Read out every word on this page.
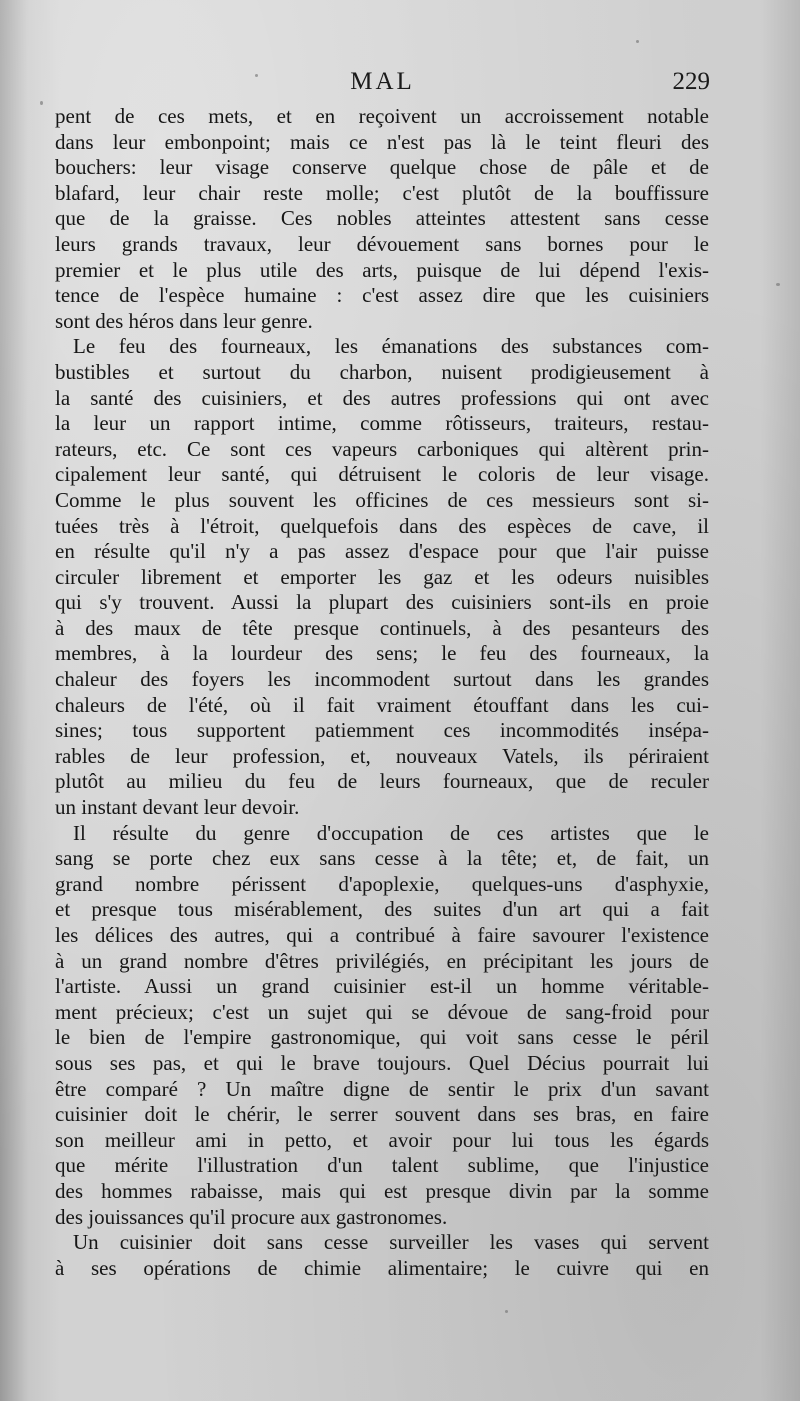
MAL	229
pent de ces mets, et en reçoivent un accroissement notable
dans leur embonpoint; mais ce n'est pas là le teint fleuri des
bouchers: leur visage conserve quelque chose de pâle et de
blafard, leur chair reste molle; c'est plutôt de la bouffissure
que de la graisse. Ces nobles atteintes attestent sans cesse
leurs grands travaux, leur dévouement sans bornes pour le
premier et le plus utile des arts, puisque de lui dépend l'exis-
tence de l'espèce humaine : c'est assez dire que les cuisiniers
sont des héros dans leur genre.
Le feu des fourneaux, les émanations des substances com-
bustibles et surtout du charbon, nuisent prodigieusement à
la santé des cuisiniers, et des autres professions qui ont avec
la leur un rapport intime, comme rôtisseurs, traiteurs, restau-
rateurs, etc. Ce sont ces vapeurs carboniques qui altèrent prin-
cipalement leur santé, qui détruisent le coloris de leur visage.
Comme le plus souvent les officines de ces messieurs sont si-
tuées très à l'étroit, quelquefois dans des espèces de cave, il
en résulte qu'il n'y a pas assez d'espace pour que l'air puisse
circuler librement et emporter les gaz et les odeurs nuisibles
qui s'y trouvent. Aussi la plupart des cuisiniers sont-ils en proie
à des maux de tête presque continuels, à des pesanteurs des
membres, à la lourdeur des sens; le feu des fourneaux, la
chaleur des foyers les incommodent surtout dans les grandes
chaleurs de l'été, où il fait vraiment étouffant dans les cui-
sines; tous supportent patiemment ces incommodités insépa-
rables de leur profession, et, nouveaux Vatels, ils périraient
plutôt au milieu du feu de leurs fourneaux, que de reculer
un instant devant leur devoir.
Il résulte du genre d'occupation de ces artistes que le
sang se porte chez eux sans cesse à la tête; et, de fait, un
grand nombre périssent d'apoplexie, quelques-uns d'asphyxie,
et presque tous misérablement, des suites d'un art qui a fait
les délices des autres, qui a contribué à faire savourer l'existence
à un grand nombre d'êtres privilégiés, en précipitant les jours de
l'artiste. Aussi un grand cuisinier est-il un homme véritable-
ment précieux; c'est un sujet qui se dévoue de sang-froid pour
le bien de l'empire gastronomique, qui voit sans cesse le péril
sous ses pas, et qui le brave toujours. Quel Décius pourrait lui
être comparé ? Un maître digne de sentir le prix d'un savant
cuisinier doit le chérir, le serrer souvent dans ses bras, en faire
son meilleur ami in petto, et avoir pour lui tous les égards
que mérite l'illustration d'un talent sublime, que l'injustice
des hommes rabaisse, mais qui est presque divin par la somme
des jouissances qu'il procure aux gastronomes.
Un cuisinier doit sans cesse surveiller les vases qui servent
à ses opérations de chimie alimentaire; le cuivre qui en
